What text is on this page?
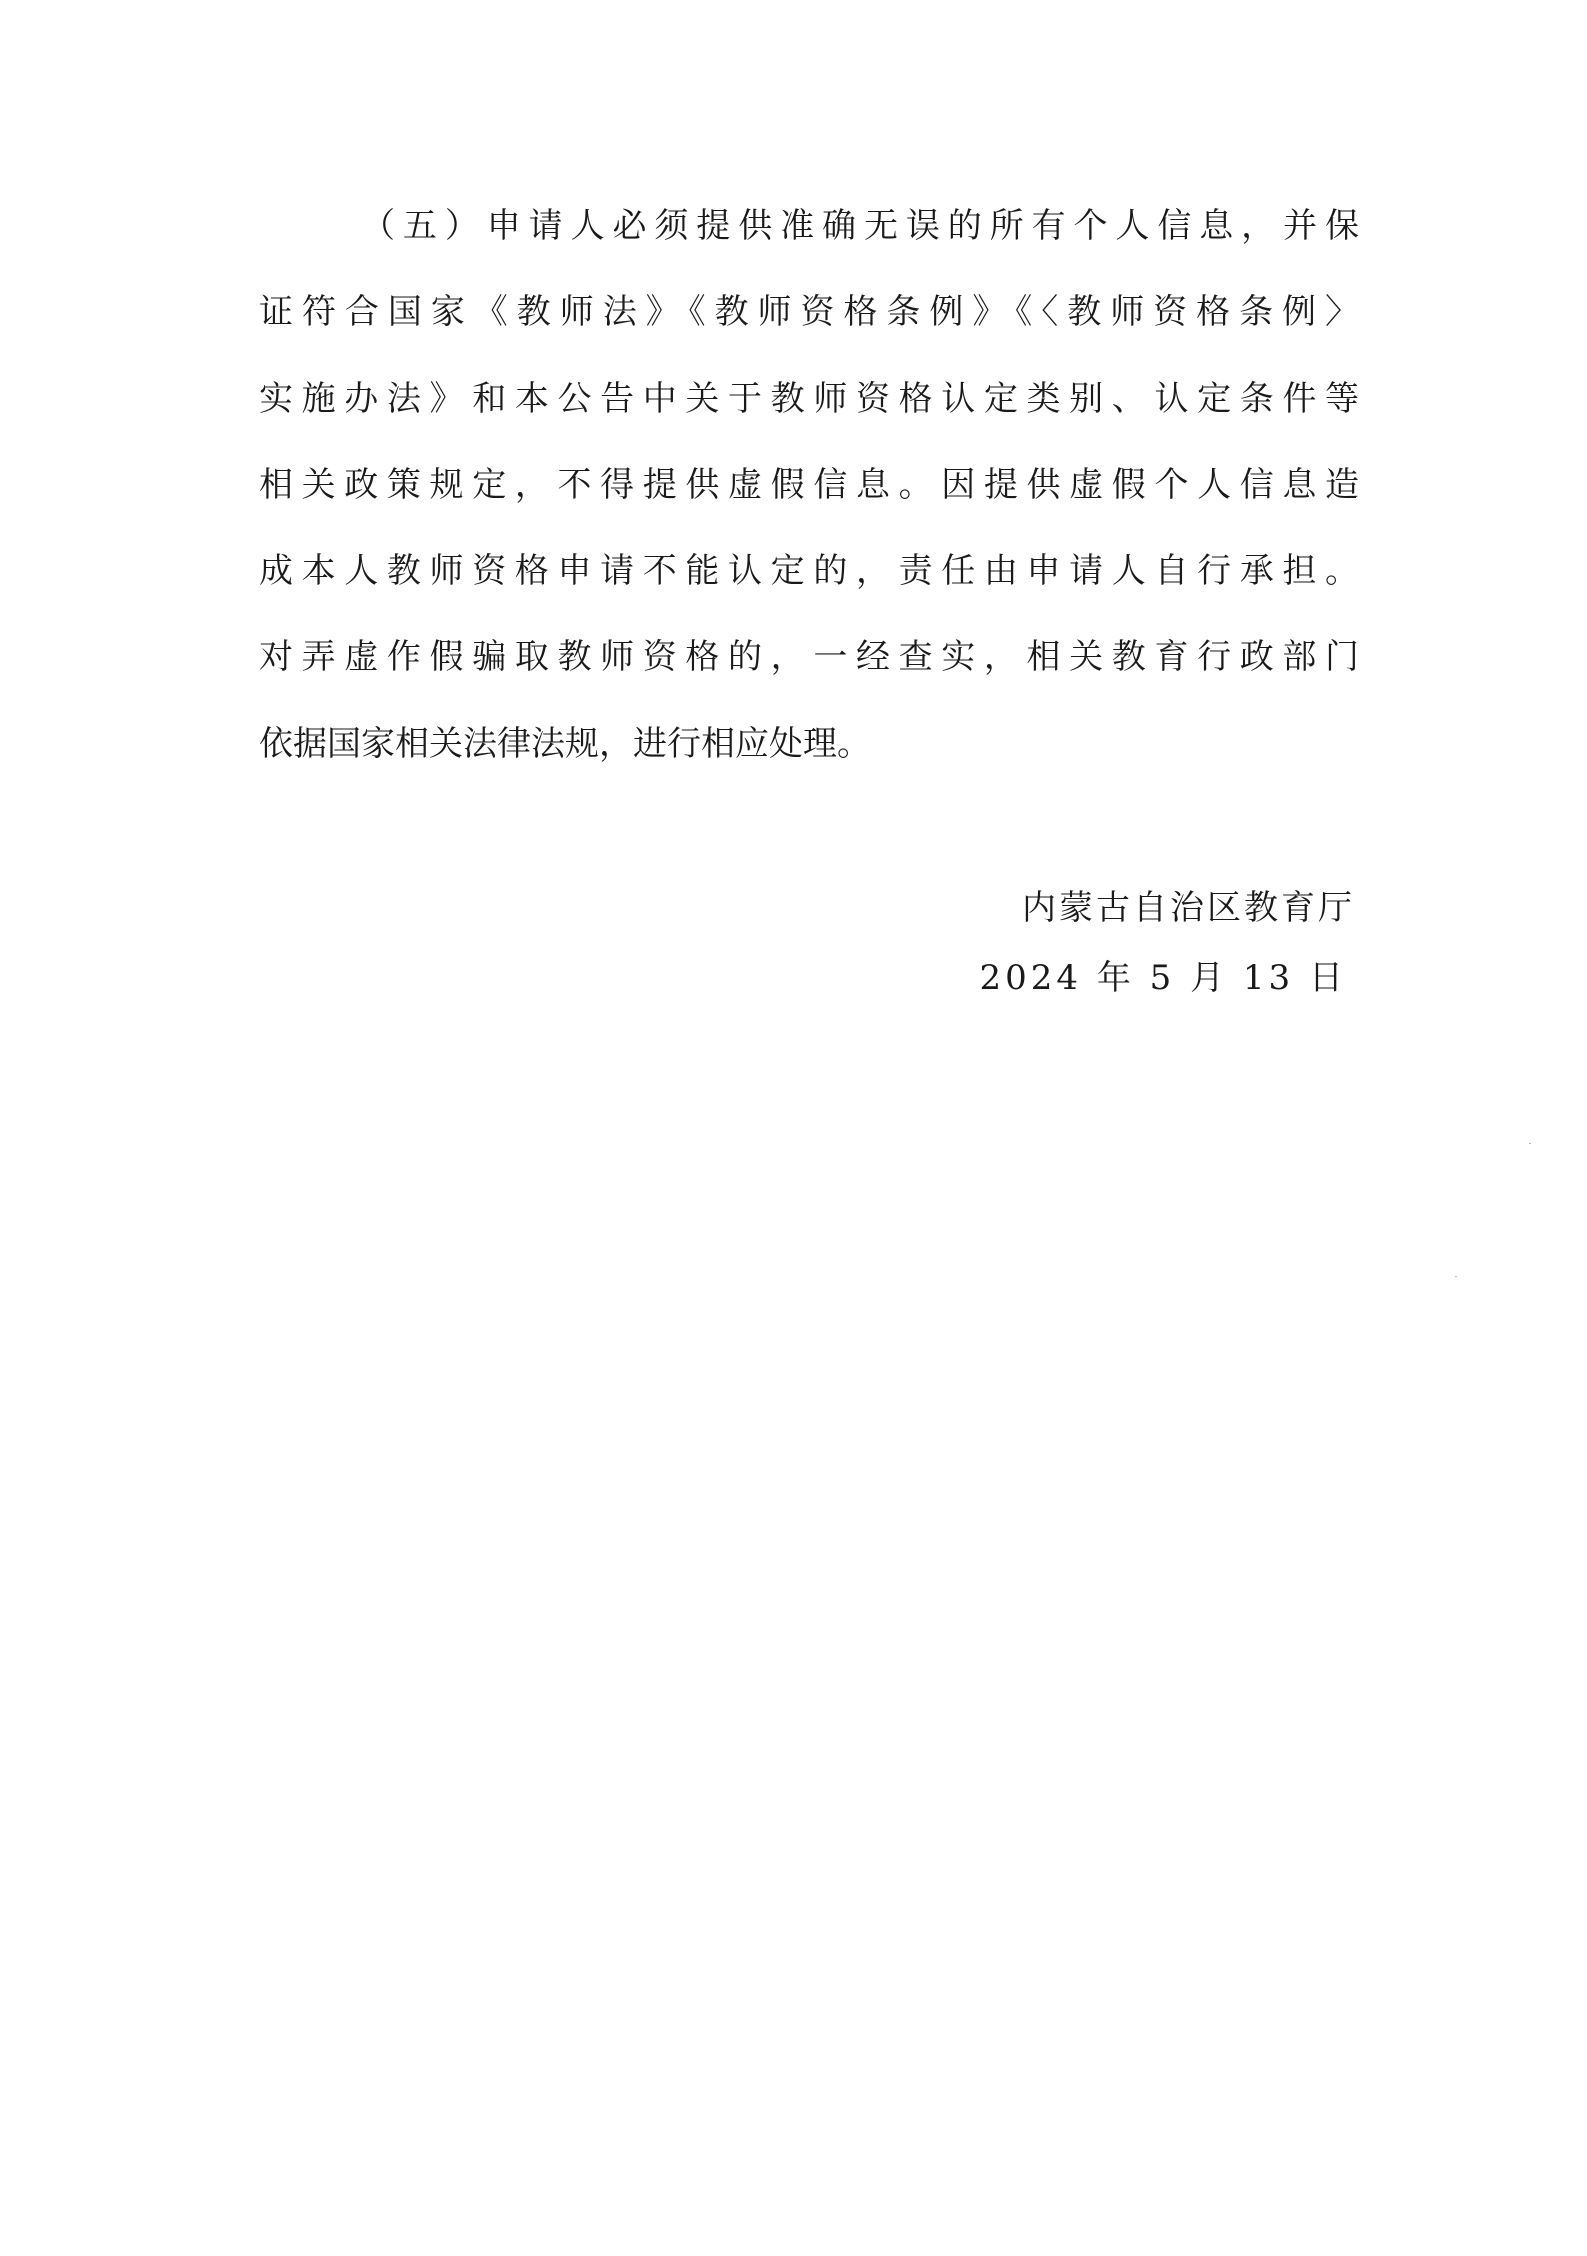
（五）申请人必须提供准确无误的所有个人信息，并保
证符合国家《教师法》《教师资格条例》《〈教师资格条例〉
实施办法》和本公告中关于教师资格认定类别、认定条件等
相关政策规定，不得提供虚假信息。因提供虚假个人信息造
成本人教师资格申请不能认定的，责任由申请人自行承担。
对弄虚作假骗取教师资格的，一经查实，相关教育行政部门
依据国家相关法律法规，进行相应处理。
内蒙古自治区教育厅
2024 年 5 月 13 日
